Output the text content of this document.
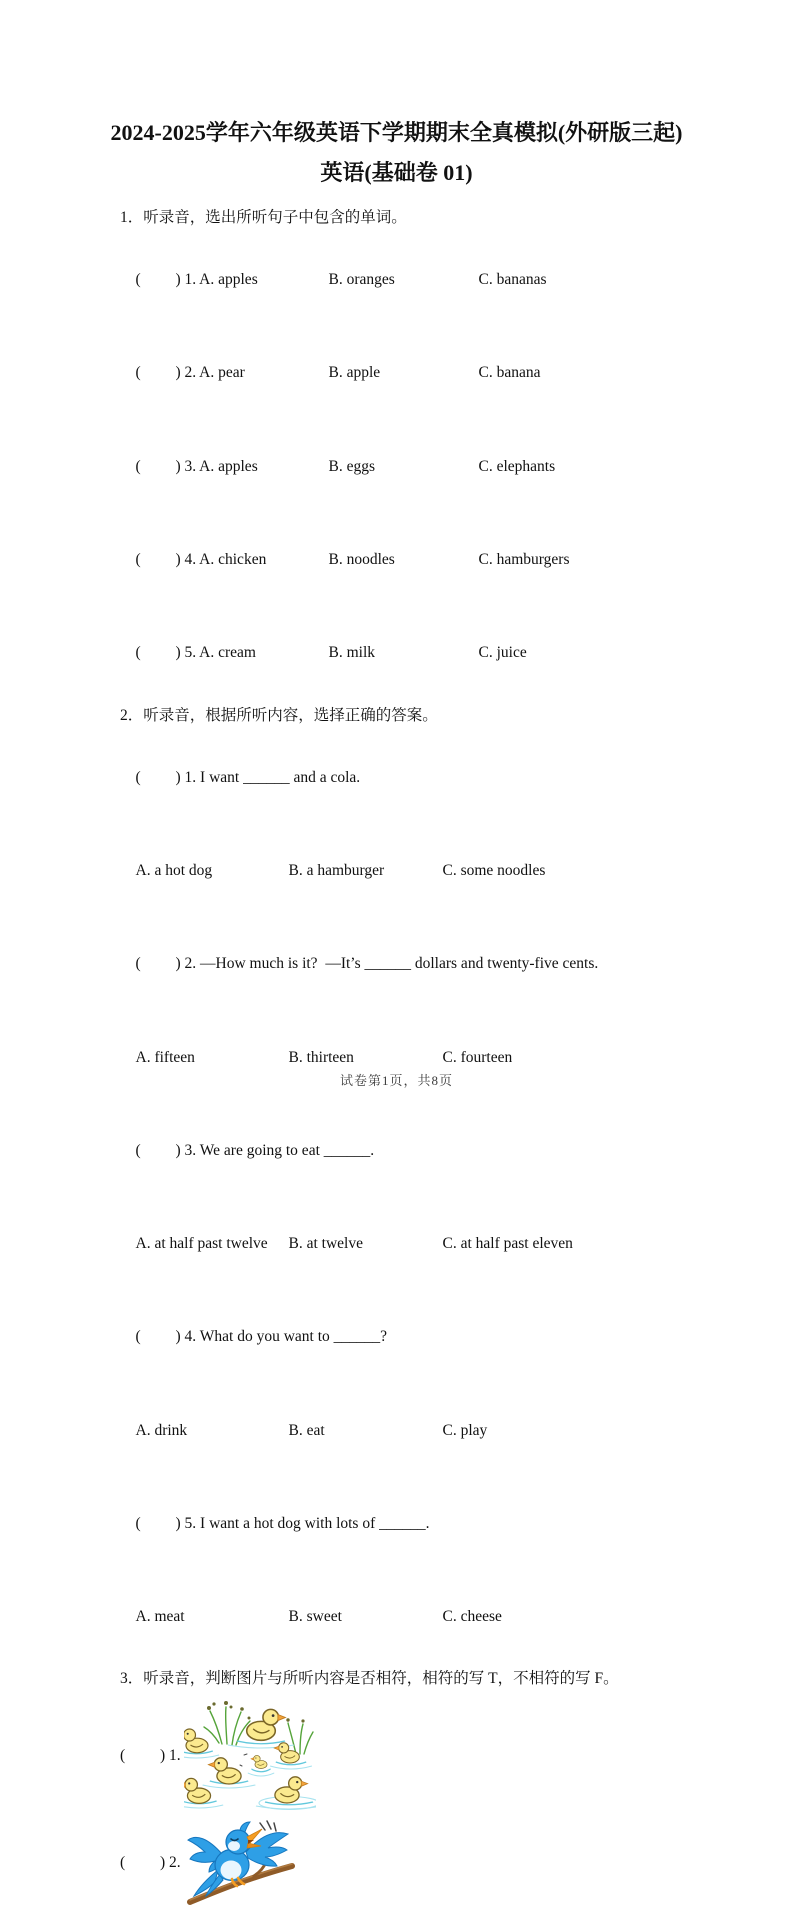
2024-2025学年六年级英语下学期期末全真模拟(外研版三起)
英语(基础卷 01)
1．听录音，选出所听句子中包含的单词。

( ) 1. A. apples	B. oranges	C. bananas

( ) 2. A. pear	B. apple	C. banana

( ) 3. A. apples	B. eggs	C. elephants

( ) 4. A. chicken	B. noodles	C. hamburgers

( ) 5. A. cream	B. milk	C. juice

2．听录音，根据所听内容，选择正确的答案。

( ) 1. I want ______ and a cola.

A. a hot dog	B. a hamburger	C. some noodles

( ) 2. —How much is it?  —It’s ______ dollars and twenty-five cents.

A. fifteen	B. thirteen	C. fourteen

( ) 3. We are going to eat ______.

A. at half past twelve B. at twelve	C. at half past eleven

( ) 4. What do you want to ______?

A. drink	B. eat	C. play

( ) 5. I want a hot dog with lots of ______.

A. meat	B. sweet	C. cheese

3．听录音，判断图片与所听内容是否相符，相符的写 T，不相符的写 F。
(	) 1.
(	) 2.
试卷第1页，共8页
